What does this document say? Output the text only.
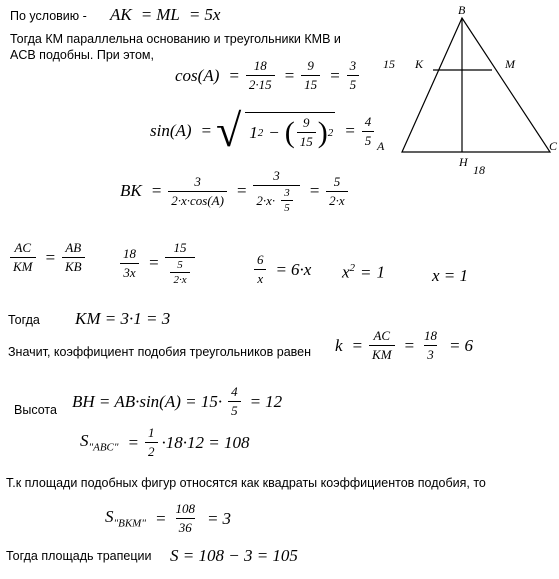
По условию - AK = ML = 5x
Тогда КМ параллельна основанию и треугольники КМВ и
ACB подобны. При этом,
B
K	M
A	C
H
15
18
$\cos(A) = \frac{18}{2\cdot 15} = \frac{9}{15} = \frac{3}{5}$
sin(A) = √ 1 2 − ( $\frac{9}{15}$ ) $2 = \frac{4}{5}$
BK = $\frac{3}{2\cdot x\cdot\cos(A)} = \frac{3}{2\cdot x\cdot \frac{3}{5}} = \frac{5}{2\cdot x}$
$\frac{AC}{KM} = \frac{AB}{KB}$	$\frac{18}{3x} = \frac{15}{\frac{5}{2\cdot x}}$	$\frac{6}{x} = 6\cdot x$ $x^2 = 1$	x = 1
Тогда KM = 3·1 = 3
Значит, коэффициент подобия треугольников равен $k = \frac{AC}{KM} = \frac{18}{3} = 6$
Высота BH = $AB\cdot\sin(A) = 15\cdot \frac{4}{5} = 12$
$S_{"ABC"} = \frac{1}{2} \cdot 18\cdot 12 = 108$
Т.к площади подобных фигур относятся как квадраты коэффициентов подобия, то
$S_{"BKM"} = \frac{108}{36} = 3$
Тогда площадь трапеции S = 108 − 3 = 105
